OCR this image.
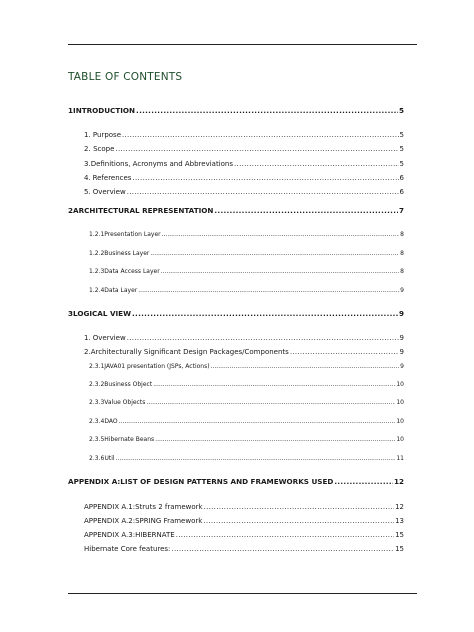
TABLE OF CONTENTS
1 INTRODUCTION .....	5
1. Purpose .....	5
2. Scope .....	5
3. Definitions, Acronyms and Abbreviations .....	5
4. References .....	6
5. Overview .....	6
2 ARCHITECTURAL REPRESENTATION .....	7
1.2.1 Presentation Layer .....	8
1.2.2 Business Layer .....	8
1.2.3 Data Access Layer .....	8
1.2.4 Data Layer .....	9
3 LOGICAL VIEW .....	9
1. Overview .....	9
2. Architecturally Significant Design Packages/Components .....	9
2.3.1 JAVA01 presentation (JSPs, Actions) .....	9
2.3.2 Business Object .....	10
2.3.3 Value Objects .....	10
2.3.4 DAO .....	10
2.3.5 Hibernate Beans .....	10
2.3.6 Util .....	11
APPENDIX A: LIST OF DESIGN PATTERNS AND FRAMEWORKS USED .....	12
APPENDIX A.1: Struts 2 framework .....	12
APPENDIX A.2: SPRING Framework .....	13
APPENDIX A.3: HIBERNATE .....	15
Hibernate Core features: .....	15
